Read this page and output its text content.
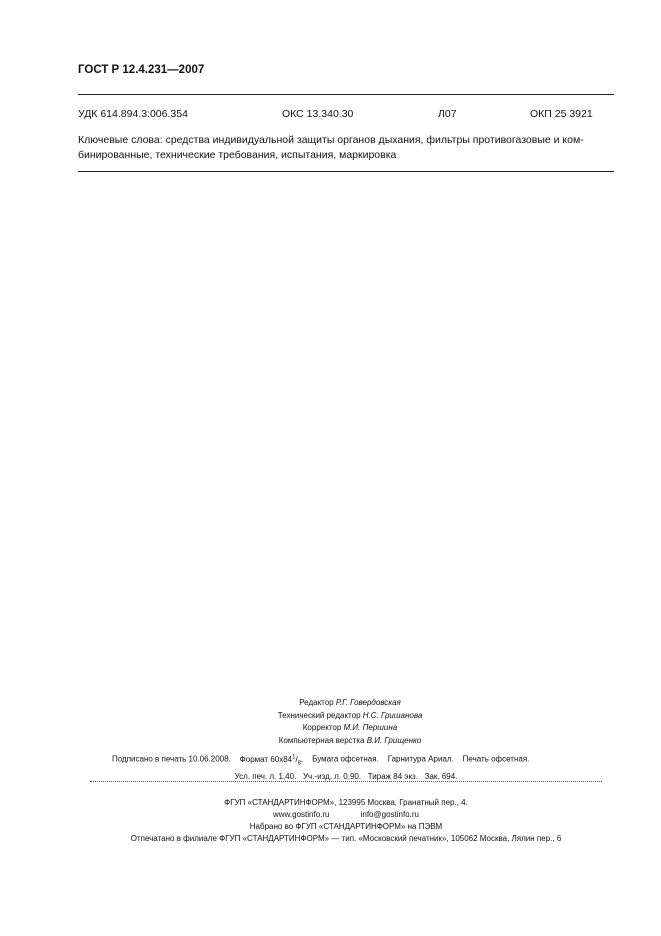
ГОСТ Р 12.4.231—2007
УДК 614.894.3:006.354	ОКС 13.340.30	Л07	ОКП 25 3921
Ключевые слова: средства индивидуальной защиты органов дыхания, фильтры противогазовые и ком-
бинированные, технические требования, испытания, маркировка
Редактор Р.Г. Говердовская
Технический редактор Н.С. Гришанова
Корректор М.И. Першина
Компьютерная верстка В.И. Грищенко
Подписано в печать 10.06.2008. Формат $60х84^1/_8$. Бумага офсетная. Гарнитура Ариал. Печать офсетная.
Усл. печ. л. 1,40. Уч.-изд. л. 0,90. Тираж 84 экз. Зак. 694.
ФГУП «СТАНДАРТИНФОРМ», 123995 Москва, Гранатный пер., 4.
www.gostinfo.ru	info@gostinfo.ru
Набрано во ФГУП «СТАНДАРТИНФОРМ» на ПЭВМ
Отпечатано в филиале ФГУП «СТАНДАРТИНФОРМ» — тип. «Московский печатник», 105062 Москва, Лялин пер., 6
